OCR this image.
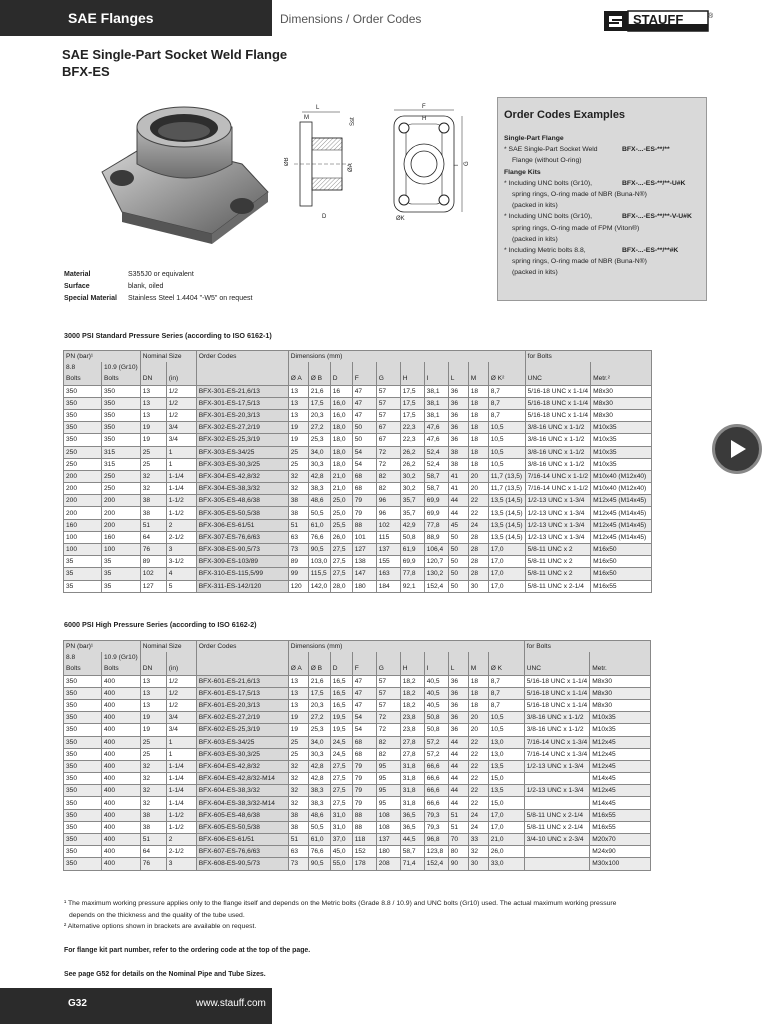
SAE Flanges	Dimensions / Order Codes	STAUFF	®
SAE Single-Part Socket Weld Flange
BFX-ES
L
M	Sst
ØB
ØA
D
F
H
G
I
ØK
Order Codes Examples
Single-Part Flange
* SAE Single-Part Socket Weld	BFX-...-ES-**/**
Flange (without O-ring)
Flange Kits
* Including UNC bolts (Gr10),	BFX-...-ES-**/**-U#K
spring rings, O-ring made of NBR (Buna-N®)
(packed in kits)
* Including UNC bolts (Gr10),	BFX-...-ES-**/**-V-U#K
spring rings, O-ring made of FPM (Viton®)
(packed in kits)
* Including Metric bolts 8.8,	BFX-...-ES-**/**#K
spring rings, O-ring made of NBR (Buna-N®)
(packed in kits)
Material	S355J0 or equivalent
Surface	blank, oiled
Special Material	Stainless Steel 1.4404 "-W5" on request
3000 PSI Standard Pressure Series (according to ISO 6162-1)
PN (bar)¹		Nominal Size		Order Codes	Dimensions (mm)										for Bolts	
8.8	10.9 (Gr10)															
Bolts	Bolts	DN	(in)		Ø A	Ø B	D	F	G	H	I	L	M	Ø K²	UNC	Metr.²
350	350	13	1/2	BFX-301-ES-21,6/13	13	21,6	16	47	57	17,5	38,1	36	18	8,7	5/16-18 UNC x 1-1/4	M8x30
350	350	13	1/2	BFX-301-ES-17,5/13	13	17,5	16,0	47	57	17,5	38,1	36	18	8,7	5/16-18 UNC x 1-1/4	M8x30
350	350	13	1/2	BFX-301-ES-20,3/13	13	20,3	16,0	47	57	17,5	38,1	36	18	8,7	5/16-18 UNC x 1-1/4	M8x30
350	350	19	3/4	BFX-302-ES-27,2/19	19	27,2	18,0	50	67	22,3	47,6	36	18	10,5	3/8-16 UNC x 1-1/2	M10x35
350	350	19	3/4	BFX-302-ES-25,3/19	19	25,3	18,0	50	67	22,3	47,6	36	18	10,5	3/8-16 UNC x 1-1/2	M10x35
250	315	25	1	BFX-303-ES-34/25	25	34,0	18,0	54	72	26,2	52,4	38	18	10,5	3/8-16 UNC x 1-1/2	M10x35
250	315	25	1	BFX-303-ES-30,3/25	25	30,3	18,0	54	72	26,2	52,4	38	18	10,5	3/8-16 UNC x 1-1/2	M10x35
200	250	32	1-1/4	BFX-304-ES-42,8/32	32	42,8	21,0	68	82	30,2	58,7	41	20	11,7 (13,5)	7/16-14 UNC x 1-1/2	M10x40 (M12x40)
200	250	32	1-1/4	BFX-304-ES-38,3/32	32	38,3	21,0	68	82	30,2	58,7	41	20	11,7 (13,5)	7/16-14 UNC x 1-1/2	M10x40 (M12x40)
200	200	38	1-1/2	BFX-305-ES-48,6/38	38	48,6	25,0	79	96	35,7	69,9	44	22	13,5 (14,5)	1/2-13 UNC x 1-3/4	M12x45 (M14x45)
200	200	38	1-1/2	BFX-305-ES-50,5/38	38	50,5	25,0	79	96	35,7	69,9	44	22	13,5 (14,5)	1/2-13 UNC x 1-3/4	M12x45 (M14x45)
160	200	51	2	BFX-306-ES-61/51	51	61,0	25,5	88	102	42,9	77,8	45	24	13,5 (14,5)	1/2-13 UNC x 1-3/4	M12x45 (M14x45)
100	160	64	2-1/2	BFX-307-ES-76,6/63	63	76,6	26,0	101	115	50,8	88,9	50	28	13,5 (14,5)	1/2-13 UNC x 1-3/4	M12x45 (M14x45)
100	100	76	3	BFX-308-ES-90,5/73	73	90,5	27,5	127	137	61,9	106,4	50	28	17,0	5/8-11 UNC x 2	M16x50
35	35	89	3-1/2	BFX-309-ES-103/89	89	103,0	27,5	138	155	69,9	120,7	50	28	17,0	5/8-11 UNC x 2	M16x50
35	35	102	4	BFX-310-ES-115,5/99	99	115,5	27,5	147	163	77,8	130,2	50	28	17,0	5/8-11 UNC x 2	M16x50
35	35	127	5	BFX-311-ES-142/120	120	142,0	28,0	180	184	92,1	152,4	50	30	17,0	5/8-11 UNC x 2-1/4	M16x55
6000 PSI High Pressure Series (according to ISO 6162-2)
PN (bar)¹		Nominal Size		Order Codes	Dimensions (mm)										for Bolts	
8.8	10.9 (Gr10)															
Bolts	Bolts	DN	(in)		Ø A	Ø B	D	F	G	H	I	L	M	Ø K	UNC	Metr.
350	400	13	1/2	BFX-601-ES-21,6/13	13	21,6	16,5	47	57	18,2	40,5	36	18	8,7	5/16-18 UNC x 1-1/4	M8x30
350	400	13	1/2	BFX-601-ES-17,5/13	13	17,5	16,5	47	57	18,2	40,5	36	18	8,7	5/16-18 UNC x 1-1/4	M8x30
350	400	13	1/2	BFX-601-ES-20,3/13	13	20,3	16,5	47	57	18,2	40,5	36	18	8,7	5/16-18 UNC x 1-1/4	M8x30
350	400	19	3/4	BFX-602-ES-27,2/19	19	27,2	19,5	54	72	23,8	50,8	36	20	10,5	3/8-16 UNC x 1-1/2	M10x35
350	400	19	3/4	BFX-602-ES-25,3/19	19	25,3	19,5	54	72	23,8	50,8	36	20	10,5	3/8-16 UNC x 1-1/2	M10x35
350	400	25	1	BFX-603-ES-34/25	25	34,0	24,5	68	82	27,8	57,2	44	22	13,0	7/16-14 UNC x 1-3/4	M12x45
350	400	25	1	BFX-603-ES-30,3/25	25	30,3	24,5	68	82	27,8	57,2	44	22	13,0	7/16-14 UNC x 1-3/4	M12x45
350	400	32	1-1/4	BFX-604-ES-42,8/32	32	42,8	27,5	79	95	31,8	66,6	44	22	13,5	1/2-13 UNC x 1-3/4	M12x45
350	400	32	1-1/4	BFX-604-ES-42,8/32-M14	32	42,8	27,5	79	95	31,8	66,6	44	22	15,0		M14x45
350	400	32	1-1/4	BFX-604-ES-38,3/32	32	38,3	27,5	79	95	31,8	66,6	44	22	13,5	1/2-13 UNC x 1-3/4	M12x45
350	400	32	1-1/4	BFX-604-ES-38,3/32-M14	32	38,3	27,5	79	95	31,8	66,6	44	22	15,0		M14x45
350	400	38	1-1/2	BFX-605-ES-48,6/38	38	48,6	31,0	88	108	36,5	79,3	51	24	17,0	5/8-11 UNC x 2-1/4	M16x55
350	400	38	1-1/2	BFX-605-ES-50,5/38	38	50,5	31,0	88	108	36,5	79,3	51	24	17,0	5/8-11 UNC x 2-1/4	M16x55
350	400	51	2	BFX-606-ES-61/51	51	61,0	37,0	118	137	44,5	96,8	70	33	21,0	3/4-10 UNC x 2-3/4	M20x70
350	400	64	2-1/2	BFX-607-ES-76,6/63	63	76,6	45,0	152	180	58,7	123,8	80	32	26,0		M24x90
350	400	76	3	BFX-608-ES-90,5/73	73	90,5	55,0	178	208	71,4	152,4	90	30	33,0		M30x100
¹ The maximum working pressure applies only to the flange itself and depends on the Metric bolts (Grade 8.8 / 10.9) and UNC bolts (Gr10) used. The actual maximum working pressure
depends on the thickness and the quality of the tube used.
² Alternative options shown in brackets are available on request.
For flange kit part number, refer to the ordering code at the top of the page.
See page G52 for details on the Nominal Pipe and Tube Sizes.
G32	www.stauff.com
